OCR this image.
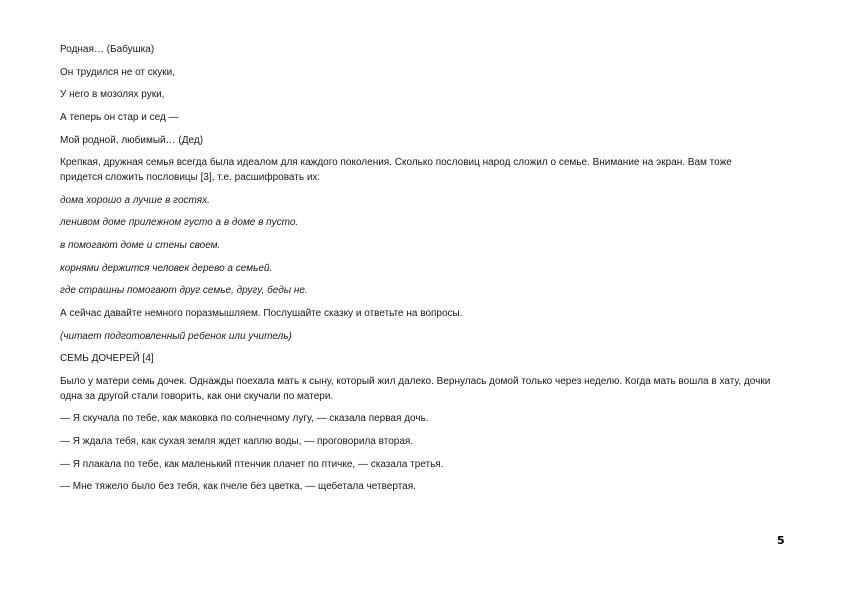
Родная… (Бабушка)

Он трудился не от скуки,

У него в мозолях руки,

А теперь он стар и сед —

Мой родной, любимый… (Дед)

Крепкая, дружная семья всегда была идеалом для каждого поколения. Сколько пословиц народ сложил о семье. Внимание на экран. Вам тоже придется сложить пословицы [3], т.е. расшифровать их:

дома хорошо а лучше в гостях.

ленивом доме прилежном густо а в доме в пусто.

в помогают доме и стены своем.

корнями держится человек дерево а семьей.

где страшны помогают друг семье, другу, беды не.

А сейчас давайте немного поразмышляем. Послушайте сказку и ответьте на вопросы.

(читает подготовленный ребенок или учитель)

СЕМЬ ДОЧЕРЕЙ [4]

Было у матери семь дочек. Однажды поехала мать к сыну, который жил далеко. Вернулась домой только через неделю. Когда мать вошла в хату, дочки одна за другой стали говорить, как они скучали по матери.

— Я скучала по тебе, как маковка по солнечному лугу, — сказала первая дочь.

— Я ждала тебя, как сухая земля ждет каплю воды, — проговорила вторая.

— Я плакала по тебе, как маленький птенчик плачет по птичке, — сказала третья.

— Мне тяжело было без тебя, как пчеле без цветка, — щебетала четвертая.

5
